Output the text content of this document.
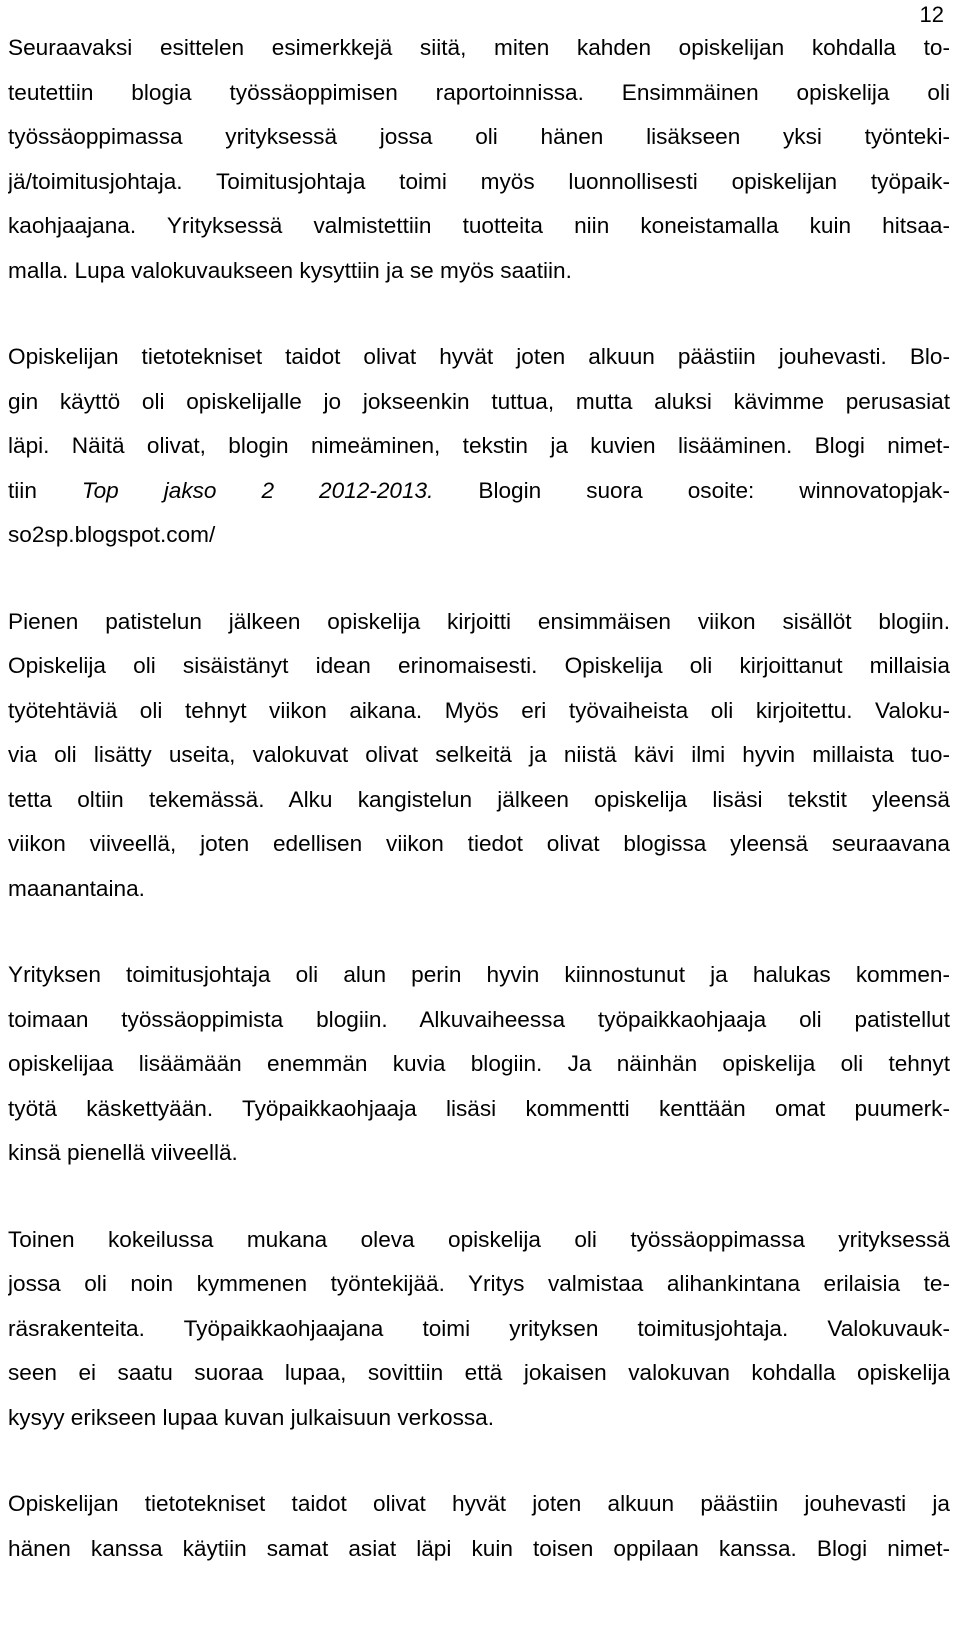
12
Seuraavaksi esittelen esimerkkejä siitä, miten kahden opiskelijan kohdalla to-
teutettiin blogia työssäoppimisen raportoinnissa. Ensimmäinen opiskelija oli
työssäoppimassa yrityksessä jossa oli hänen lisäkseen yksi työnteki-
jä/toimitusjohtaja. Toimitusjohtaja toimi myös luonnollisesti opiskelijan työpaik-
kaohjaajana. Yrityksessä valmistettiin tuotteita niin koneistamalla kuin hitsaa-
malla. Lupa valokuvaukseen kysyttiin ja se myös saatiin.
Opiskelijan tietotekniset taidot olivat hyvät joten alkuun päästiin jouhevasti. Blo-
gin käyttö oli opiskelijalle jo jokseenkin tuttua, mutta aluksi kävimme perusasiat
läpi. Näitä olivat, blogin nimeäminen, tekstin ja kuvien lisääminen. Blogi nimet-
tiin Top jakso 2 2012-2013. Blogin suora osoite: winnovatopjak-
so2sp.blogspot.com/
Pienen patistelun jälkeen opiskelija kirjoitti ensimmäisen viikon sisällöt blogiin.
Opiskelija oli sisäistänyt idean erinomaisesti. Opiskelija oli kirjoittanut millaisia
työtehtäviä oli tehnyt viikon aikana. Myös eri työvaiheista oli kirjoitettu. Valoku-
via oli lisätty useita, valokuvat olivat selkeitä ja niistä kävi ilmi hyvin millaista tuo-
tetta oltiin tekemässä. Alku kangistelun jälkeen opiskelija lisäsi tekstit yleensä
viikon viiveellä, joten edellisen viikon tiedot olivat blogissa yleensä seuraavana
maanantaina.
Yrityksen toimitusjohtaja oli alun perin hyvin kiinnostunut ja halukas kommen-
toimaan työssäoppimista blogiin. Alkuvaiheessa työpaikkaohjaaja oli patistellut
opiskelijaa lisäämään enemmän kuvia blogiin. Ja näinhän opiskelija oli tehnyt
työtä käskettyään. Työpaikkaohjaaja lisäsi kommentti kenttään omat puumerk-
kinsä pienellä viiveellä.
Toinen kokeilussa mukana oleva opiskelija oli työssäoppimassa yrityksessä
jossa oli noin kymmenen työntekijää. Yritys valmistaa alihankintana erilaisia te-
räsrakenteita. Työpaikkaohjaajana toimi yrityksen toimitusjohtaja. Valokuvauk-
seen ei saatu suoraa lupaa, sovittiin että jokaisen valokuvan kohdalla opiskelija
kysyy erikseen lupaa kuvan julkaisuun verkossa.
Opiskelijan tietotekniset taidot olivat hyvät joten alkuun päästiin jouhevasti ja
hänen kanssa käytiin samat asiat läpi kuin toisen oppilaan kanssa. Blogi nimet-
